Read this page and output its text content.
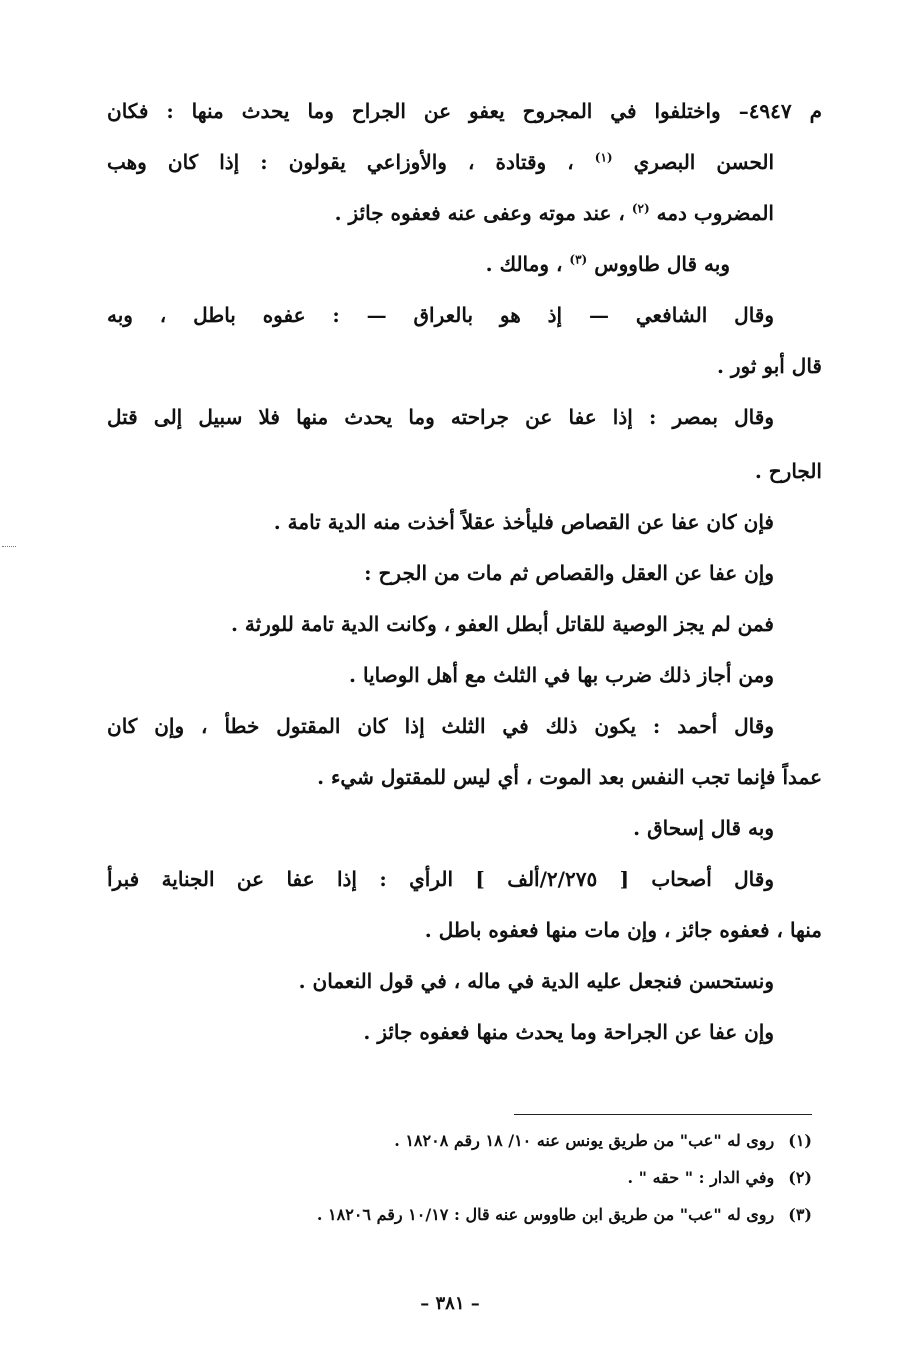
م ٤٩٤٧– واختلفوا في المجروح يعفو عن الجراح وما يحدث منها : فكان
الحسن البصري $^{(١)}$ ، وقتادة ، والأوزاعي يقولون : إذا كان وهب
المضروب دمه $^{(٢)}$ ، عند موته وعفى عنه فعفوه جائز .
وبه قال طاووس $^{(٣)}$ ، ومالك .
وقال الشافعي — إذ هو بالعراق — : عفوه باطل ، وبه
قال أبو ثور .
وقال بمصر : إذا عفا عن جراحته وما يحدث منها فلا سبيل إلى قتل
الجارح .
فإن كان عفا عن القصاص فليأخذ عقلاً أخذت منه الدية تامة .
وإن عفا عن العقل والقصاص ثم مات من الجرح :
فمن لم يجز الوصية للقاتل أبطل العفو ، وكانت الدية تامة للورثة .
ومن أجاز ذلك ضرب بها في الثلث مع أهل الوصايا .
وقال أحمد : يكون ذلك في الثلث إذا كان المقتول خطأ ، وإن كان
عمداً فإنما تجب النفس بعد الموت ، أي ليس للمقتول شيء .
وبه قال إسحاق .
وقال أصحاب [ ٢/٢٧٥/ألف ] الرأي : إذا عفا عن الجناية فبرأ
منها ، فعفوه جائز ، وإن مات منها فعفوه باطل .
ونستحسن فنجعل عليه الدية في ماله ، في قول النعمان .
وإن عفا عن الجراحة وما يحدث منها فعفوه جائز .
(١)روى له "عب" من طريق يونس عنه ١٠/ ١٨ رقم ١٨٢٠٨ .
(٢)وفي الدار : " حقه " .
(٣)روى له "عب" من طريق ابن طاووس عنه قال : ١٠/١٧ رقم ١٨٢٠٦ .
– ٣٨١ –
